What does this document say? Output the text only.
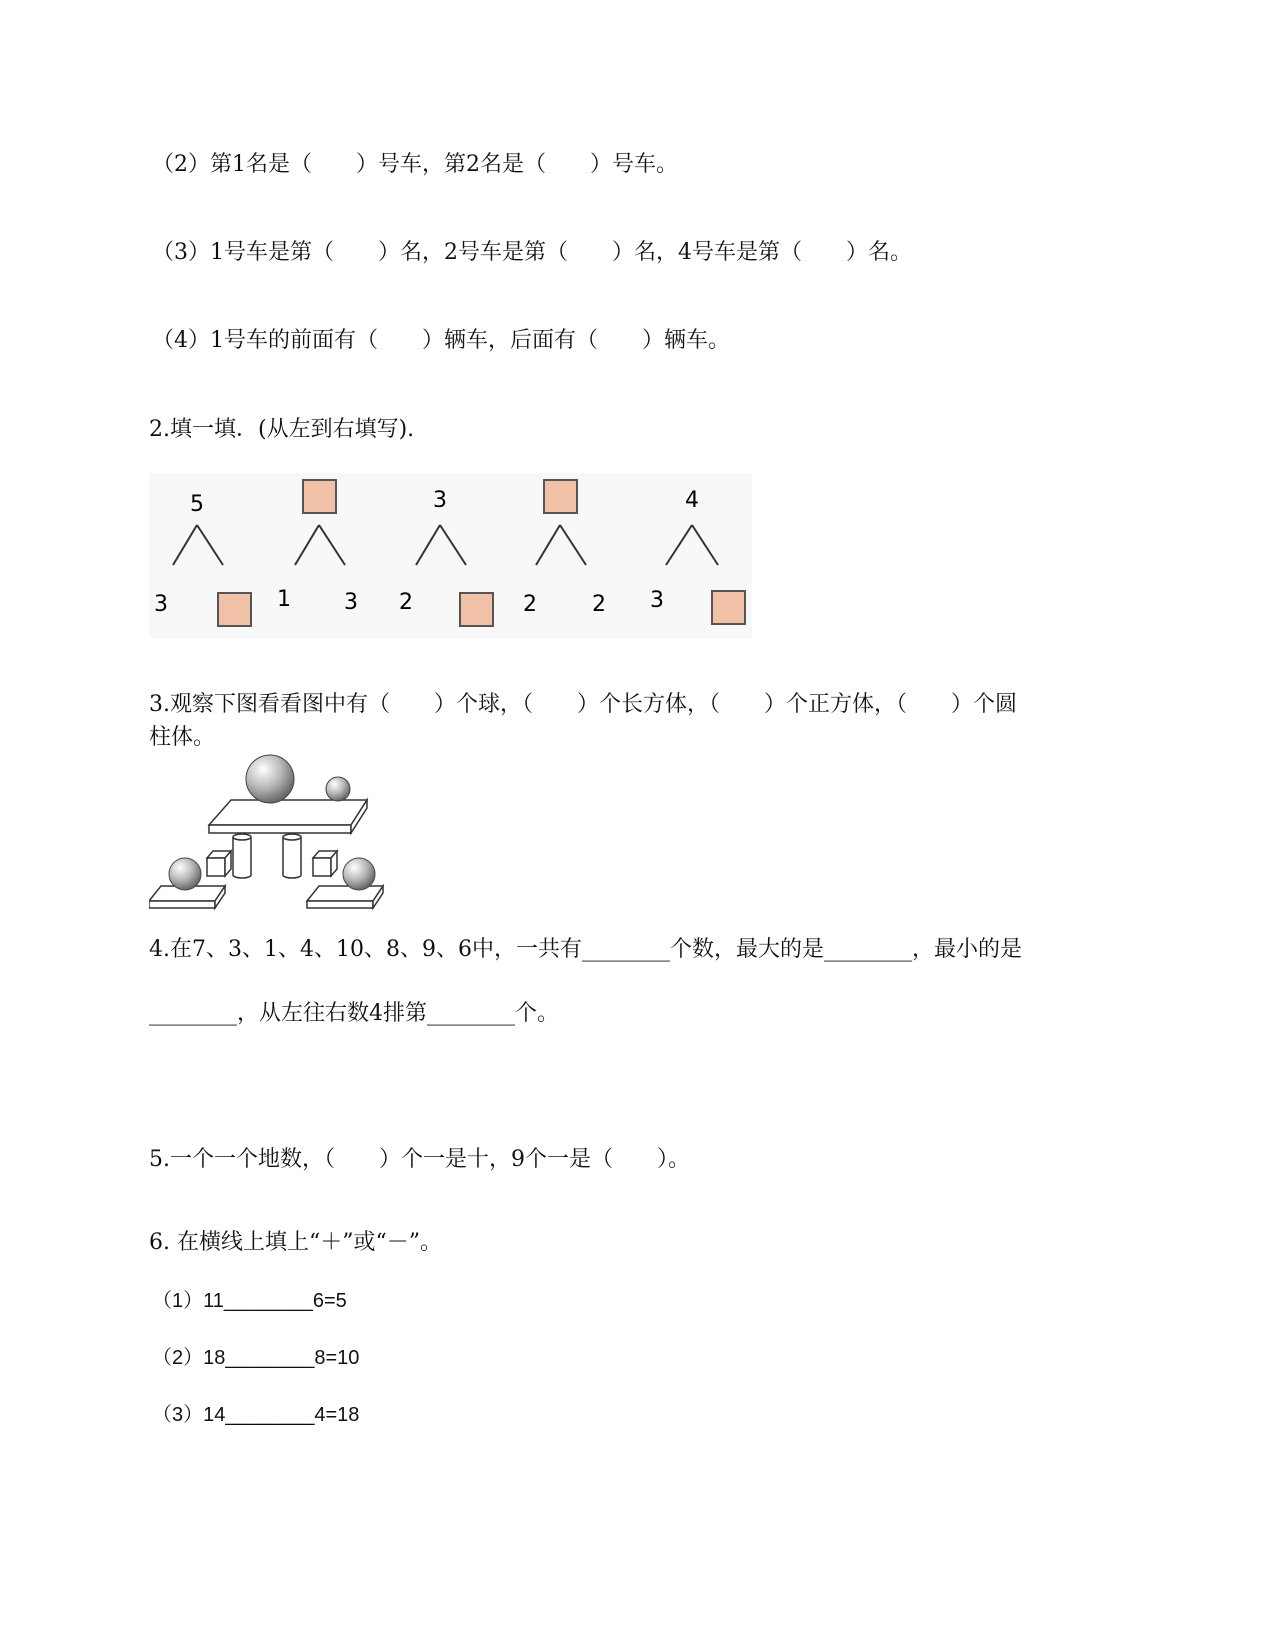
（2）第1名是（　　）号车，第2名是（　　）号车。
（3）1号车是第（　　）名，2号车是第（　　）名，4号车是第（　　）名。
（4）1号车的前面有（　　）辆车，后面有（　　）辆车。
2.填一填．(从左到右填写).
5
3	1 3
3
2	2	2
4
3
3.观察下图看看图中有（　　）个球，（　　）个长方体，（　　）个正方体，（　　）个圆
柱体。
4.在7、3、1、4、10、8、9、6中，一共有________个数，最大的是________，最小的是
________，从左往右数4排第________个。
5.一个一个地数，（　　）个一是十，9个一是（　　）。
6. 在横线上填上“＋”或“－”。
（1）11________6=5
（2）18________8=10
（3）14________4=18
